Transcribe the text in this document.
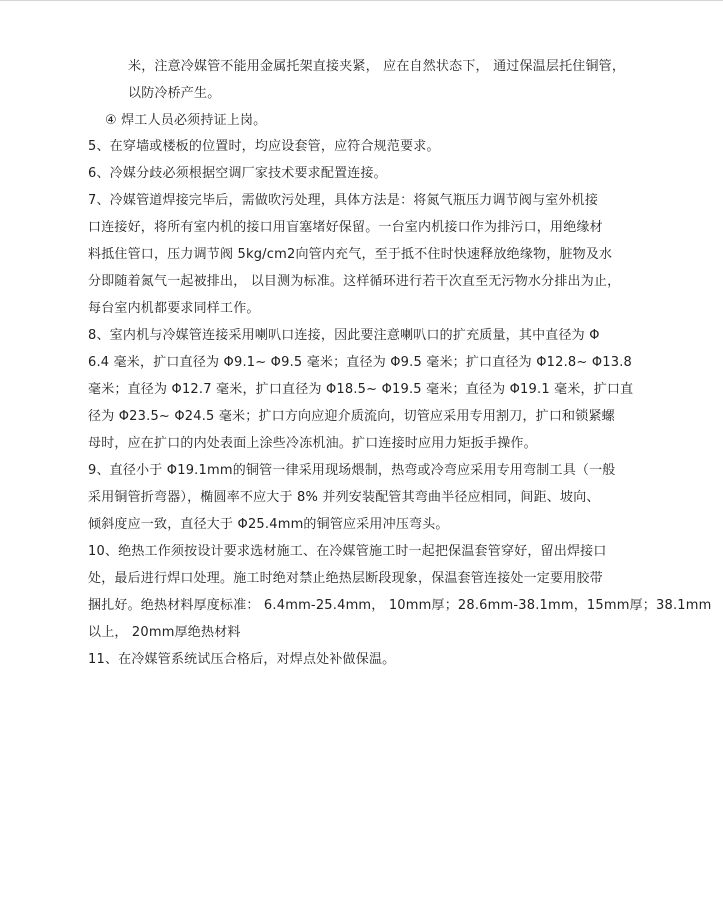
米，注意冷媒管不能用金属托架直接夹紧， 应在自然状态下， 通过保温层托住铜管，
以防冷桥产生。
④ 焊工人员必须持证上岗。
5、在穿墙或楼板的位置时，均应设套管，应符合规范要求。
6、冷媒分歧必须根据空调厂家技术要求配置连接。
7、冷媒管道焊接完毕后，需做吹污处理，具体方法是：将氮气瓶压力调节阀与室外机接
口连接好，将所有室内机的接口用盲塞堵好保留。一台室内机接口作为排污口，用绝缘材
料抵住管口，压力调节阀 5kg/cm2向管内充气，至于抵不住时快速释放绝缘物，脏物及水
分即随着氮气一起被排出， 以目测为标准。这样循环进行若干次直至无污物水分排出为止，
每台室内机都要求同样工作。
8、室内机与冷媒管连接采用喇叭口连接，因此要注意喇叭口的扩充质量，其中直径为 Φ
6.4 毫米，扩口直径为 Φ9.1~ Φ9.5 毫米；直径为 Φ9.5 毫米；扩口直径为 Φ12.8~ Φ13.8
毫米；直径为 Φ12.7 毫米，扩口直径为 Φ18.5~ Φ19.5 毫米；直径为 Φ19.1 毫米，扩口直
径为 Φ23.5~ Φ24.5 毫米；扩口方向应迎介质流向，切管应采用专用割刀，扩口和锁紧螺
母时，应在扩口的内处表面上涂些冷冻机油。扩口连接时应用力矩扳手操作。
9、直径小于 Φ19.1mm的铜管一律采用现场煨制，热弯或冷弯应采用专用弯制工具（一般
采用铜管折弯器），椭圆率不应大于 8% 并列安装配管其弯曲半径应相同，间距、坡向、
倾斜度应一致，直径大于 Φ25.4mm的铜管应采用冲压弯头。
10、绝热工作须按设计要求选材施工、在冷媒管施工时一起把保温套管穿好，留出焊接口
处，最后进行焊口处理。施工时绝对禁止绝热层断段现象，保温套管连接处一定要用胶带
捆扎好。绝热材料厚度标准： 6.4mm-25.4mm， 10mm厚；28.6mm-38.1mm，15mm厚；38.1mm
以上， 20mm厚绝热材料
11、在冷媒管系统试压合格后，对焊点处补做保温。
